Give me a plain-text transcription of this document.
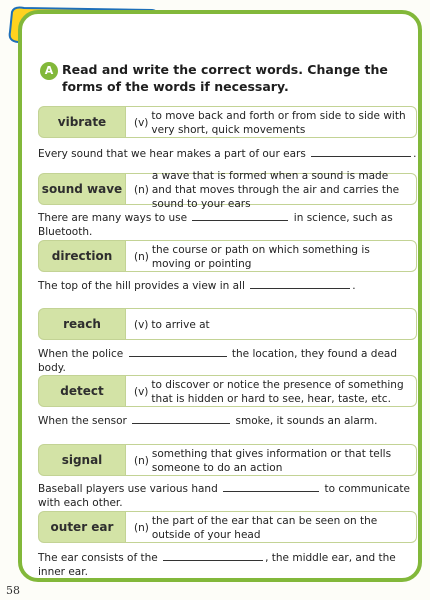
A Read and write the correct words. Change the forms of the words if necessary.
vibrate	(v)
to move back and forth or from side to side with very short, quick movements
Every sound that we hear makes a part of our ears	.
sound wave	(n)
a wave that is formed when a sound is made and that moves through the air and carries the sound to your ears
There are many ways to use	in science, such as Bluetooth.
direction	(n)
the course or path on which something is moving or pointing
The top of the hill provides a view in all	.
reach	(v) to arrive at
When the police	the location, they found a dead body.
detect	(v)
to discover or notice the presence of something that is hidden or hard to see, hear, taste, etc.
When the sensor	smoke, it sounds an alarm.
signal	(n)
something that gives information or that tells someone to do an action
Baseball players use various hand	to communicate with each other.
outer ear	(n)
the part of the ear that can be seen on the outside of your head
The ear consists of the	, the middle ear, and the inner ear.
58
